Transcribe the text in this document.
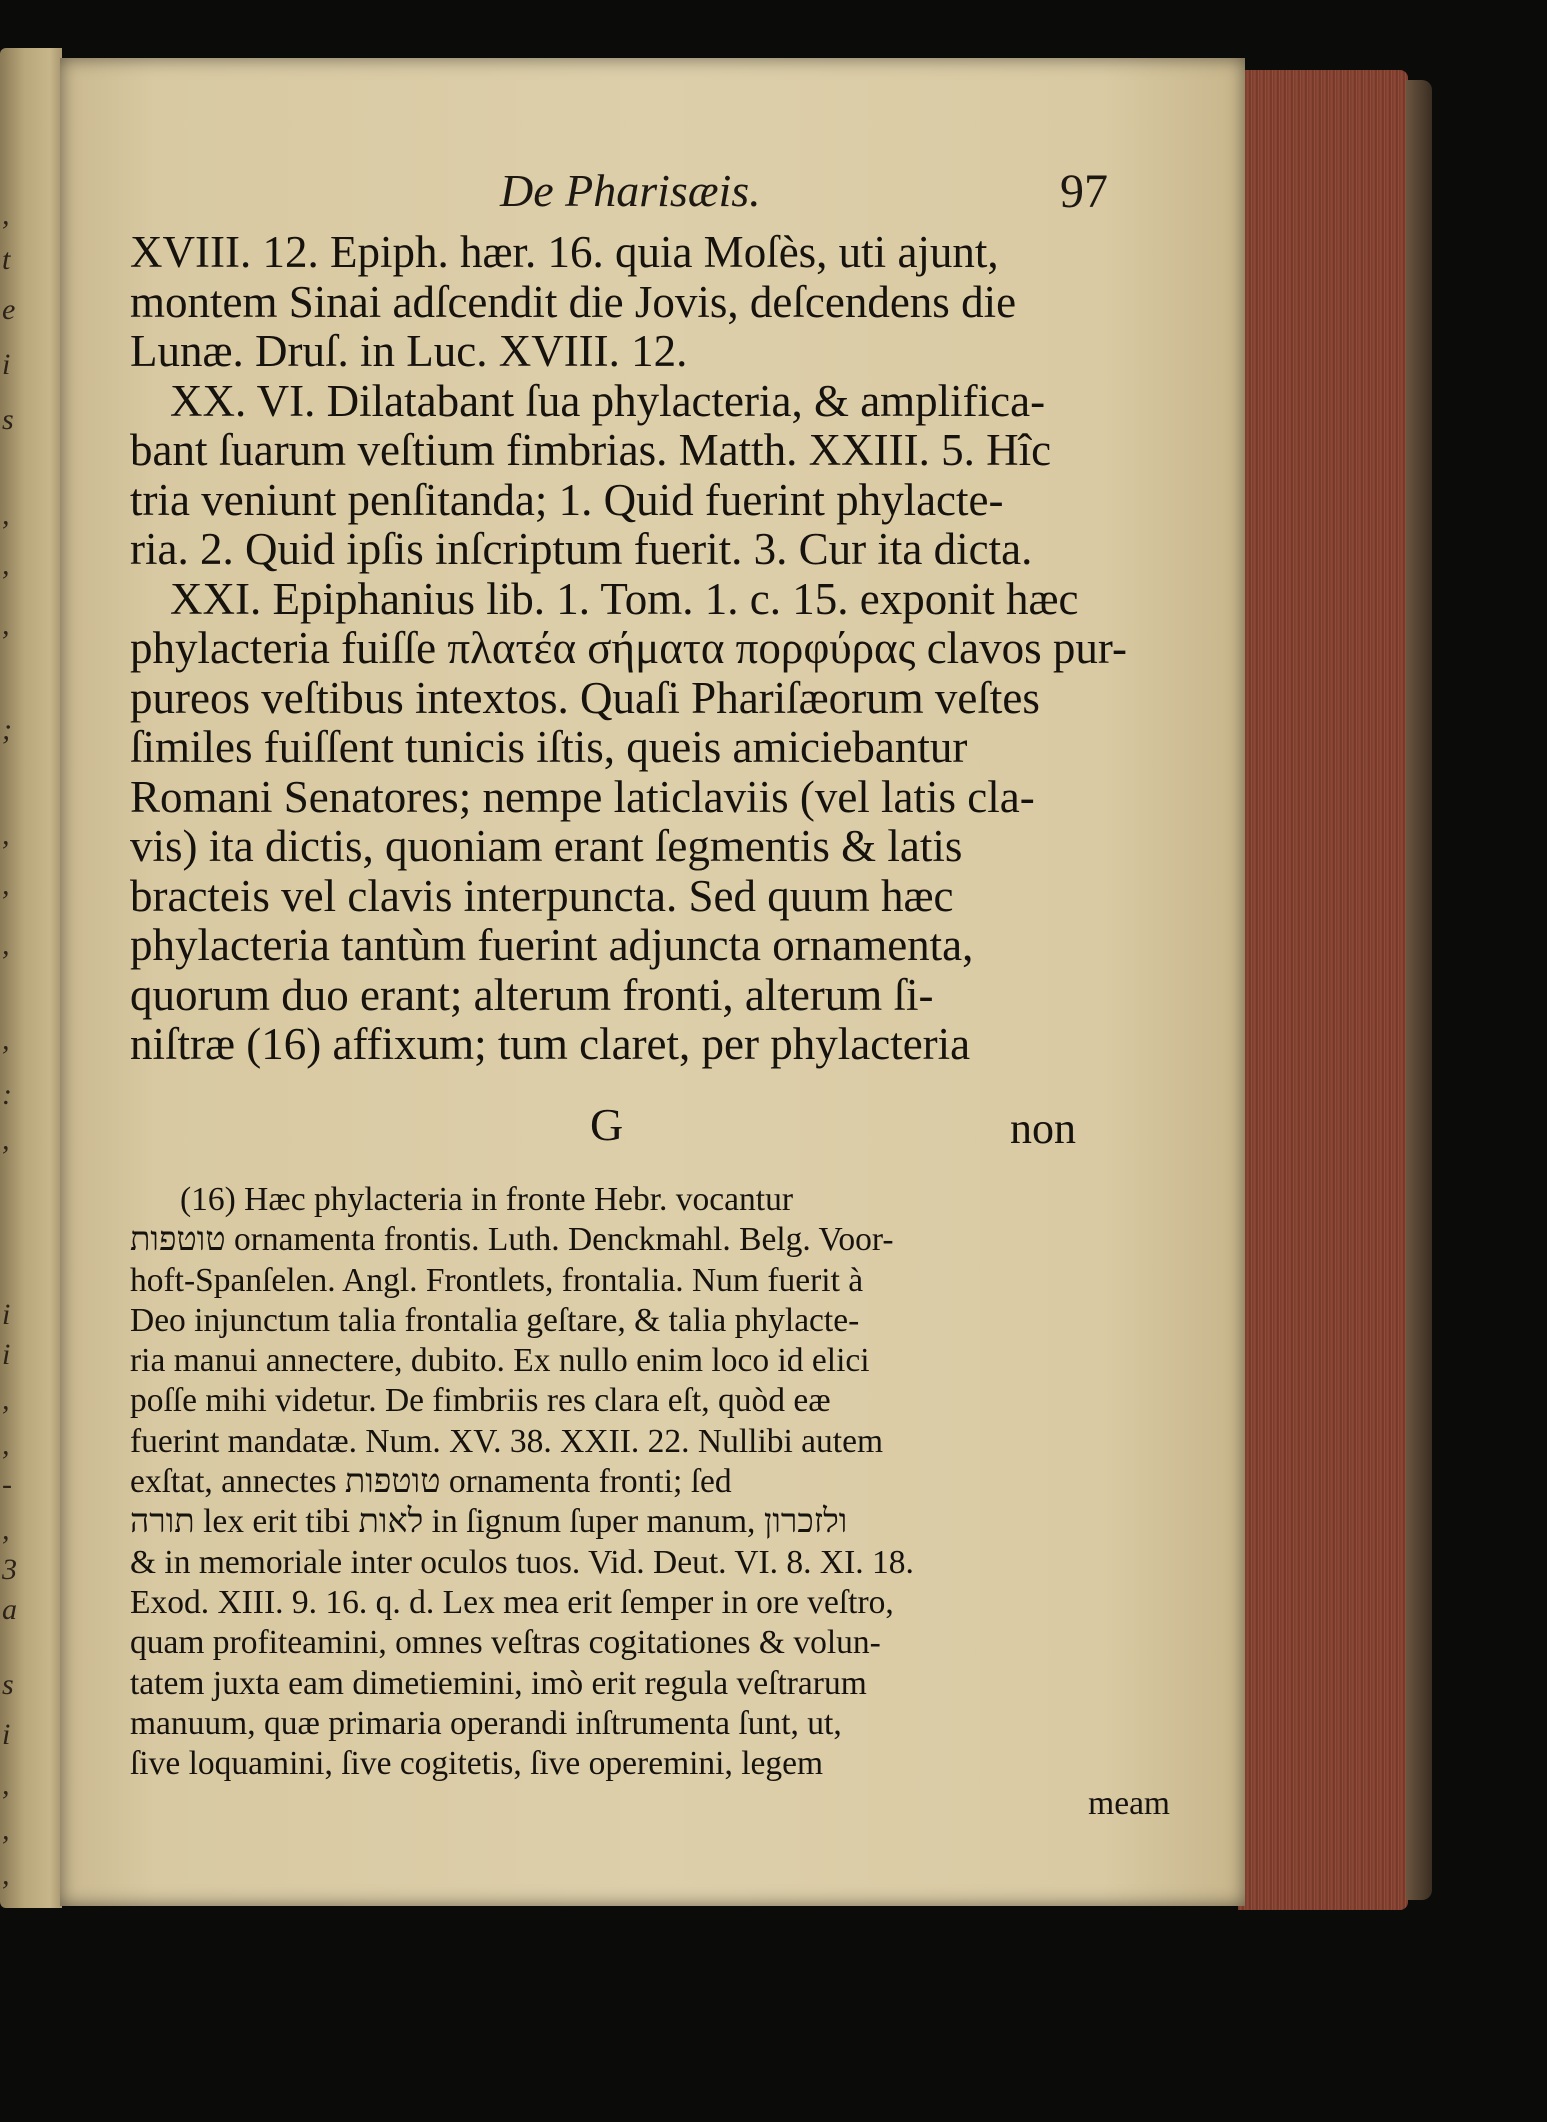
,
t
e
i
s
,
,
,
;
,
,
,
,
:
,
i
i
,
,
-
,
3
a
s
i
,
,
,
De Pharisæis.	97
XVIII. 12. Epiph. hær. 16. quia Moſès, uti ajunt,
montem Sinai adſcendit die Jovis, deſcendens die
Lunæ. Druſ. in Luc. XVIII. 12.
XX. VI. Dilatabant ſua phylacteria, & amplifica-
bant ſuarum veſtium fimbrias. Matth. XXIII. 5. Hîc
tria veniunt penſitanda; 1. Quid fuerint phylacte-
ria. 2. Quid ipſis inſcriptum fuerit. 3. Cur ita dicta.
XXI. Epiphanius lib. 1. Tom. 1. c. 15. exponit hæc
phylacteria fuiſſe πλατέα σήματα πορφύρας clavos pur-
pureos veſtibus intextos. Quaſi Phariſæorum veſtes
ſimiles fuiſſent tunicis iſtis, queis amiciebantur
Romani Senatores; nempe laticlaviis (vel latis cla-
vis) ita dictis, quoniam erant ſegmentis & latis
bracteis vel clavis interpuncta. Sed quum hæc
phylacteria tantùm fuerint adjuncta ornamenta,
quorum duo erant; alterum fronti, alterum ſi-
niſtræ (16) affixum; tum claret, per phylacteria
G	non
(16) Hæc phylacteria in fronte Hebr. vocantur
טוטפות ornamenta frontis. Luth. Denckmahl. Belg. Voor-
hoft-Spanſelen. Angl. Frontlets, frontalia. Num fuerit à
Deo injunctum talia frontalia geſtare, & talia phylacte-
ria manui annectere, dubito. Ex nullo enim loco id elici
poſſe mihi videtur. De fimbriis res clara eſt, quòd eæ
fuerint mandatæ. Num. XV. 38. XXII. 22. Nullibi autem
exſtat, annectes טוטפות ornamenta fronti; ſed
תורה lex erit tibi לאות in ſignum ſuper manum, ולזכרון
& in memoriale inter oculos tuos. Vid. Deut. VI. 8. XI. 18.
Exod. XIII. 9. 16. q. d. Lex mea erit ſemper in ore veſtro,
quam profiteamini, omnes veſtras cogitationes & volun-
tatem juxta eam dimetiemini, imò erit regula veſtrarum
manuum, quæ primaria operandi inſtrumenta ſunt, ut,
ſive loquamini, ſive cogitetis, ſive operemini, legem
meam
